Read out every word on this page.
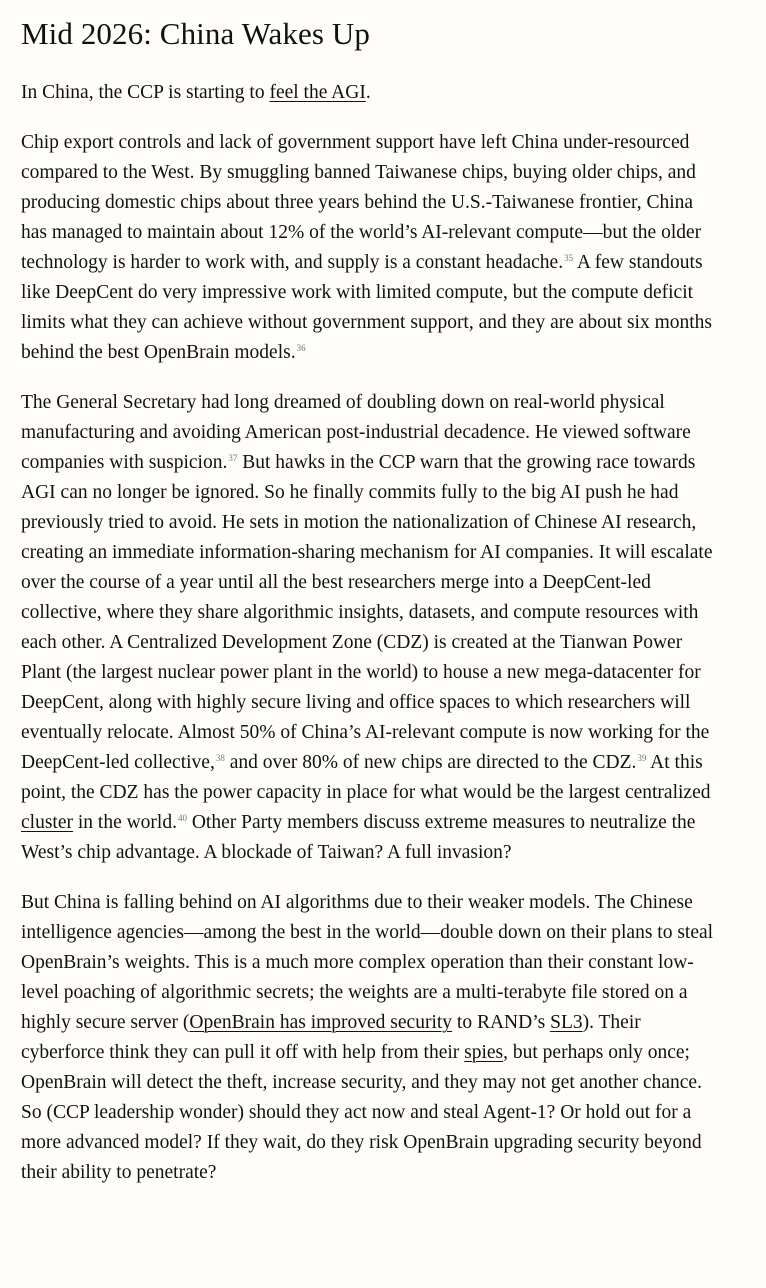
Mid 2026: China Wakes Up

In China, the CCP is starting to feel the AGI.

Chip export controls and lack of government support have left China under-resourced compared to the West. By smuggling banned Taiwanese chips, buying older chips, and producing domestic chips about three years behind the U.S.-Taiwanese frontier, China has managed to maintain about 12% of the world’s AI-relevant compute—but the older technology is harder to work with, and supply is a constant headache.$^{35}$ A few standouts like DeepCent do very impressive work with limited compute, but the compute deficit limits what they can achieve without government support, and they are about six months behind the best OpenBrain models.$^{36}$

The General Secretary had long dreamed of doubling down on real-world physical manufacturing and avoiding American post-industrial decadence. He viewed software companies with suspicion.$^{37}$ But hawks in the CCP warn that the growing race towards AGI can no longer be ignored. So he finally commits fully to the big AI push he had previously tried to avoid. He sets in motion the nationalization of Chinese AI research, creating an immediate information-sharing mechanism for AI companies. It will escalate over the course of a year until all the best researchers merge into a DeepCent-led collective, where they share algorithmic insights, datasets, and compute resources with each other. A Centralized Development Zone (CDZ) is created at the Tianwan Power Plant (the largest nuclear power plant in the world) to house a new mega-datacenter for DeepCent, along with highly secure living and office spaces to which researchers will eventually relocate. Almost 50% of China’s AI-relevant compute is now working for the DeepCent-led collective,$^{38}$ and over 80% of new chips are directed to the CDZ.$^{39}$ At this point, the CDZ has the power capacity in place for what would be the largest centralized cluster in the world.$^{40}$ Other Party members discuss extreme measures to neutralize the West’s chip advantage. A blockade of Taiwan? A full invasion?

But China is falling behind on AI algorithms due to their weaker models. The Chinese intelligence agencies—among the best in the world—double down on their plans to steal OpenBrain’s weights. This is a much more complex operation than their constant low-level poaching of algorithmic secrets; the weights are a multi-terabyte file stored on a highly secure server (OpenBrain has improved security to RAND’s SL3). Their cyberforce think they can pull it off with help from their spies, but perhaps only once; OpenBrain will detect the theft, increase security, and they may not get another chance. So (CCP leadership wonder) should they act now and steal Agent-1? Or hold out for a more advanced model? If they wait, do they risk OpenBrain upgrading security beyond their ability to penetrate?
